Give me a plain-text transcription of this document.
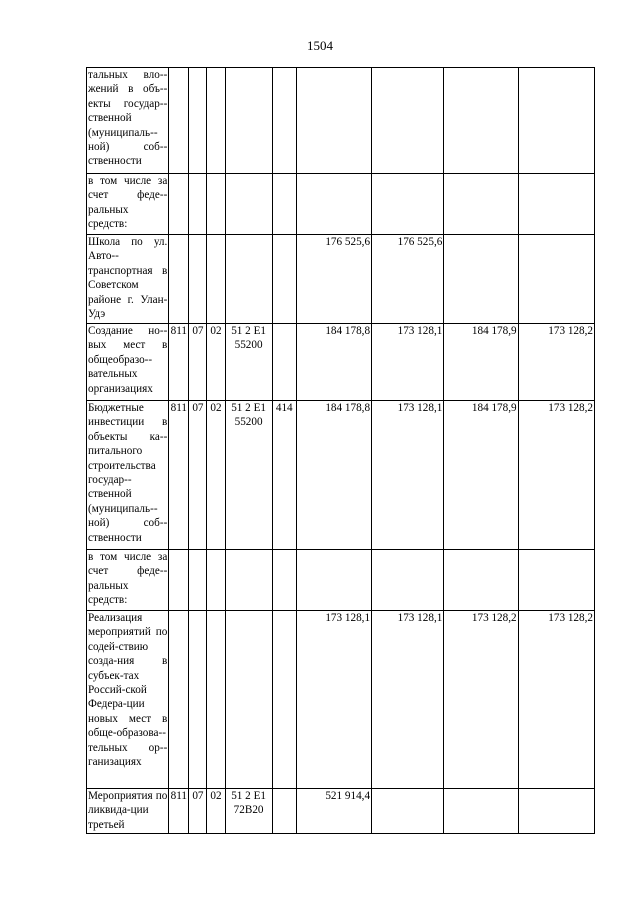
1504
тальных вло-жений в объ-екты государ-ственной (муниципаль-ной) соб-ственности									
в том числе за счет феде-ральных средств:									
Школа по ул. Авто-транспортная в Советском районе г. Улан-Удэ						176 525,6	176 525,6		
Создание но-вых мест в общеобразо-вательных организациях	811	07	02	51 2 Е1 55200		184 178,8	173 128,1	184 178,9	173 128,2
Бюджетные инвестиции в объекты ка-питального строительства государ-ственной (муниципаль-ной) соб-ственности	811	07	02	51 2 Е1 55200	414	184 178,8	173 128,1	184 178,9	173 128,2
в том числе за счет феде-ральных средств:									
Реализация мероприятий по содей-ствию созда-ния в субъек-тах Россий-ской Федера-ции новых мест в обще-образова-тельных ор-ганизациях						173 128,1	173 128,1	173 128,2	173 128,2
Мероприятия по ликвида-ции третьей	811	07	02	51 2 Е1 72В20		521 914,4			
